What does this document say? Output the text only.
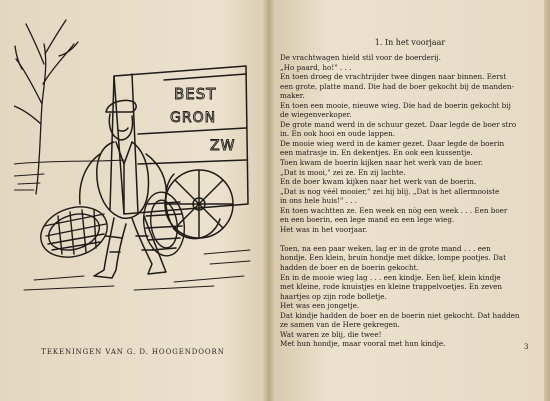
BEST
GRON
ZW
TEKENINGEN VAN G. D. HOOGENDOORN
1. In het voorjaar
De vrachtwagen hield stil voor de boerderij.
„Ho paard, ho!" . . .
En toen droeg de vrachtrijder twee dingen naar binnen. Eerst
een grote, platte mand. Die had de boer gekocht bij de manden-
maker.
En toen een mooie, nieuwe wieg. Die had de boerin gekocht bij
de wiegenverkoper.
De grote mand werd in de schuur gezet. Daar legde de boer stro
in. En ook hooi en oude lappen.
De mooie wieg werd in de kamer gezet. Daar legde de boerin
een matrasje in. En dekentjes. En ook een kussentje.
Toen kwam de boerin kijken naar het werk van de boer.
„Dat is mooi," zei ze. En zij lachte.
En de boer kwam kijken naar het werk van de boerin.
„Dat is nog véél mooier," zei hij blij. „Dat is het allermooiste
in ons hele huis!" . . .
En toen wachtten ze. Een week en nòg een week . . . Een boer
en een boerin, een lege mand en een lege wieg.
Het was in het voorjaar.
Toen, na een paar weken, lag er in de grote mand . . . een
hondje. Een klein, bruin hondje met dikke, lompe pootjes. Dat
hadden de boer en de boerin gekocht.
En in de mooie wieg lag . . . een kindje. Een lief, klein kindje
met kleine, rode knuistjes en kleine trappelvoetjes. En zeven
haartjes op zijn rode bolletje.
Het was een jongetje.
Dat kindje hadden de boer en de boerin niet gekocht. Dat hadden
ze samen van de Here gekregen.
Wat waren ze blij, die twee!
Met hun hondje, maar vooral met hun kindje.	3
